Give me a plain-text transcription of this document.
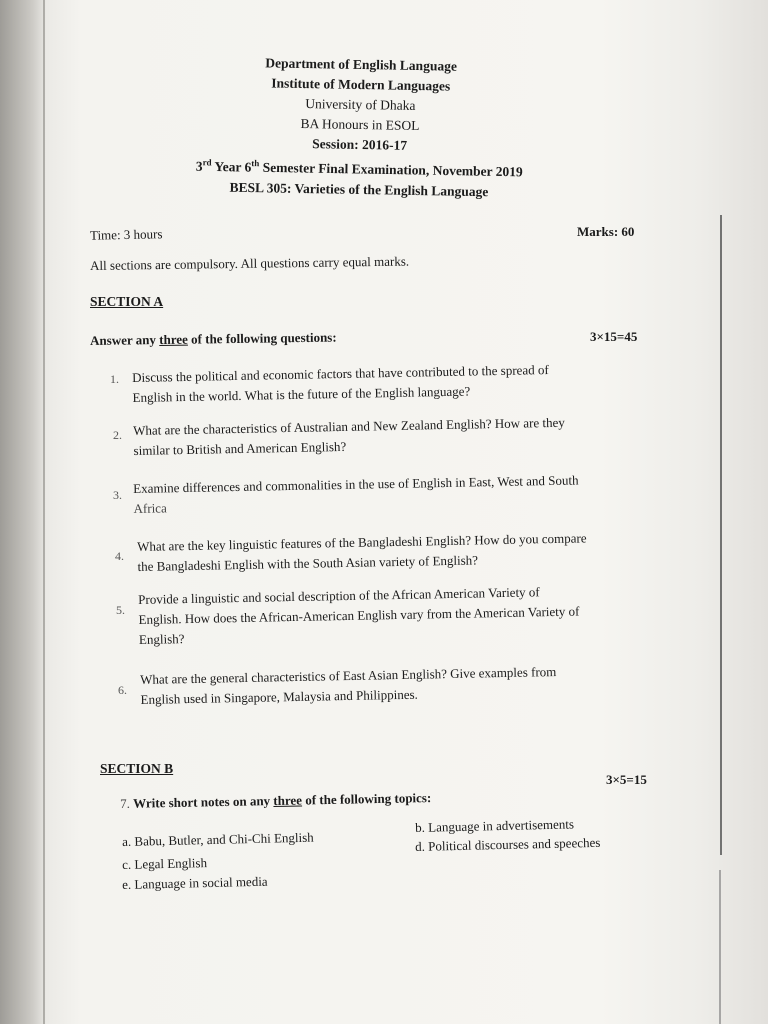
Department of English Language
Institute of Modern Languages
University of Dhaka
BA Honours in ESOL
Session: 2016-17
3rd Year 6th Semester Final Examination, November 2019
BESL 305: Varieties of the English Language
Time: 3 hours	Marks: 60
All sections are compulsory. All questions carry equal marks.
SECTION A
Answer any three of the following questions:	3×15=45
1. Discuss the political and economic factors that have contributed to the spread of
English in the world. What is the future of the English language?
2. What are the characteristics of Australian and New Zealand English? How are they
similar to British and American English?
3. Examine differences and commonalities in the use of English in East, West and South
Africa
4.
What are the key linguistic features of the Bangladeshi English? How do you compare
the Bangladeshi English with the South Asian variety of English?
5.
Provide a linguistic and social description of the African American Variety of
English. How does the African-American English vary from the American Variety of
English?
6.
What are the general characteristics of East Asian English? Give examples from
English used in Singapore, Malaysia and Philippines.
SECTION B
3×5=15
7. Write short notes on any three of the following topics:
a. Babu, Butler, and Chi-Chi English
b. Language in advertisements
c. Legal English
d. Political discourses and speeches
e. Language in social media
